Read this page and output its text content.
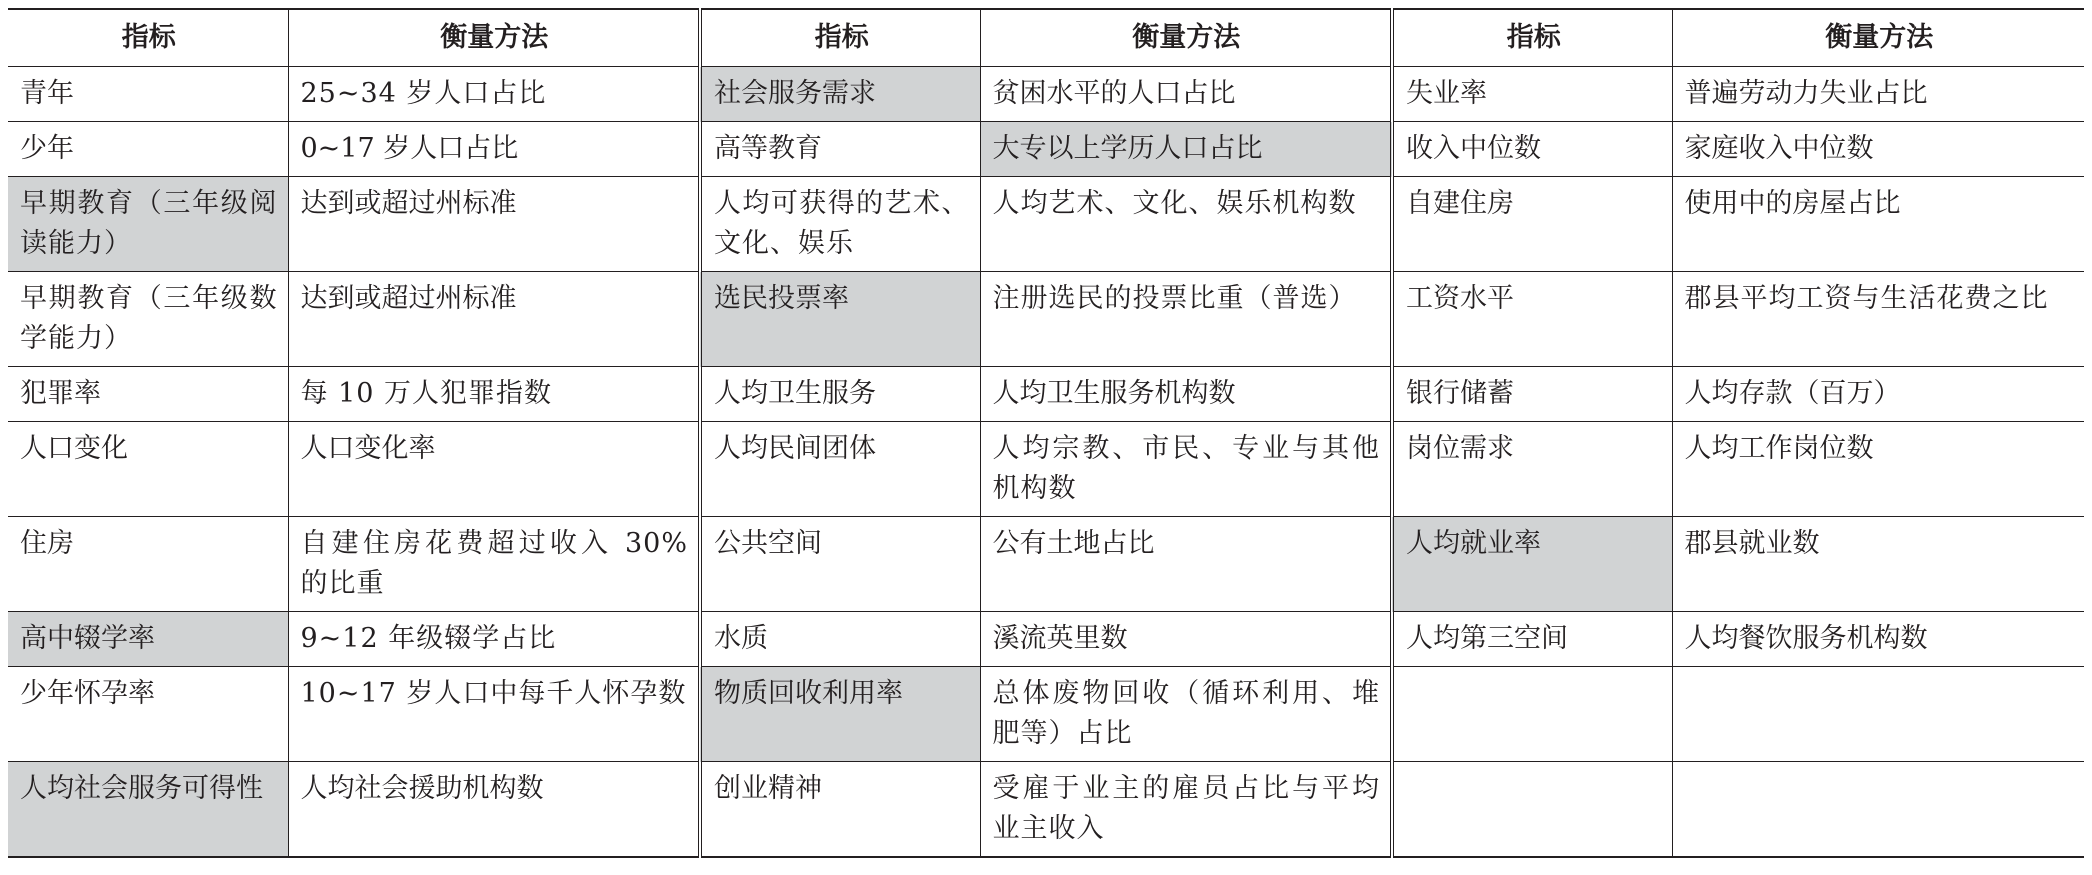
指标	衡量方法	指标	衡量方法	指标	衡量方法
青年	25~34 岁人口占比	社会服务需求	贫困水平的人口占比	失业率	普遍劳动力失业占比
少年	0~17 岁人口占比	高等教育	大专以上学历人口占比	收入中位数	家庭收入中位数
早期教育（三年级阅读能力）	达到或超过州标准	人均可获得的艺术、文化、娱乐	人均艺术、文化、娱乐机构数	自建住房	使用中的房屋占比
早期教育（三年级数学能力）	达到或超过州标准	选民投票率	注册选民的投票比重（普选）	工资水平	郡县平均工资与生活花费之比
犯罪率	每 10 万人犯罪指数	人均卫生服务	人均卫生服务机构数	银行储蓄	人均存款（百万）
人口变化	人口变化率	人均民间团体	人均宗教、市民、专业与其他机构数	岗位需求	人均工作岗位数
住房	自建住房花费超过收入 30% 的比重	公共空间	公有土地占比	人均就业率	郡县就业数
高中辍学率	9~12 年级辍学占比	水质	溪流英里数	人均第三空间	人均餐饮服务机构数
少年怀孕率	10~17 岁人口中每千人怀孕数	物质回收利用率	总体废物回收（循环利用、堆肥等）占比		
人均社会服务可得性	人均社会援助机构数	创业精神	受雇于业主的雇员占比与平均业主收入		
